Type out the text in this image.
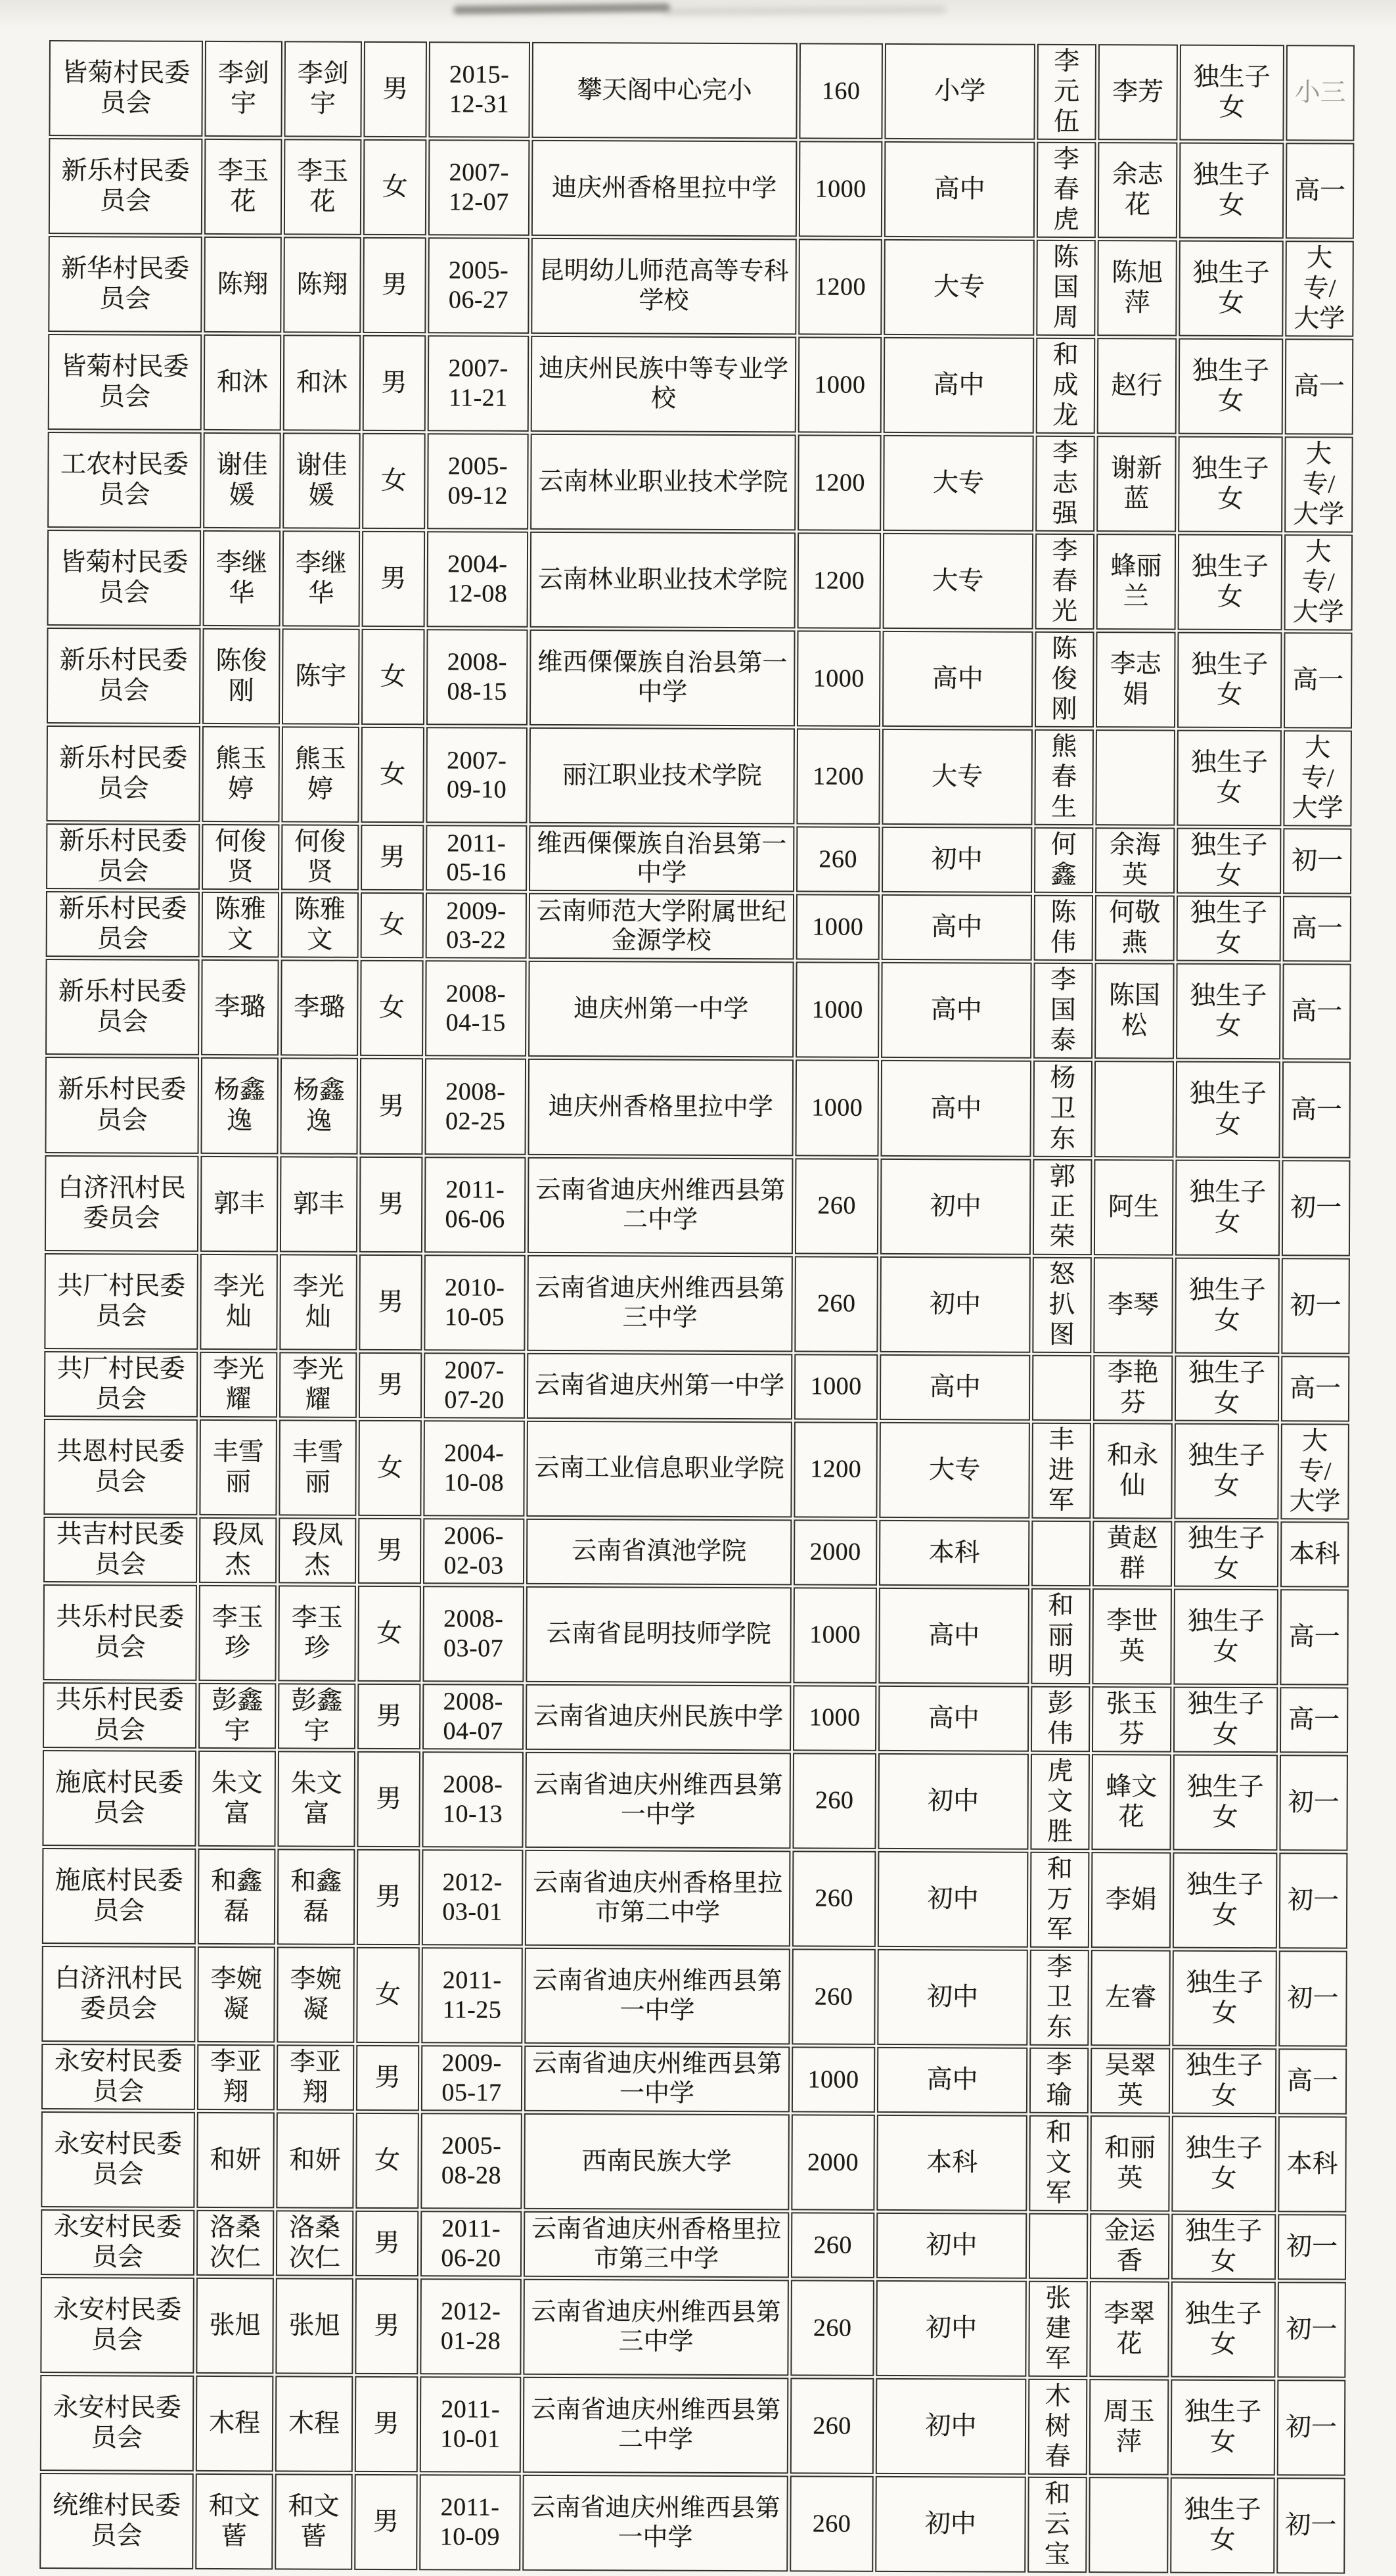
皆菊村民委员会	李剑宇	李剑宇	男	2015-12-31	攀天阁中心完小	160	小学	李元伍	李芳	独生子女	小三
新乐村民委员会	李玉花	李玉花	女	2007-12-07	迪庆州香格里拉中学	1000	高中	李春虎	余志花	独生子女	高一
新华村民委员会	陈翔	陈翔	男	2005-06-27	昆明幼儿师范高等专科学校	1200	大专	陈国周	陈旭萍	独生子女	大专/大学
皆菊村民委员会	和沐	和沐	男	2007-11-21	迪庆州民族中等专业学校	1000	高中	和成龙	赵行	独生子女	高一
工农村民委员会	谢佳媛	谢佳媛	女	2005-09-12	云南林业职业技术学院	1200	大专	李志强	谢新蓝	独生子女	大专/大学
皆菊村民委员会	李继华	李继华	男	2004-12-08	云南林业职业技术学院	1200	大专	李春光	蜂丽兰	独生子女	大专/大学
新乐村民委员会	陈俊刚	陈宇	女	2008-08-15	维西傈僳族自治县第一中学	1000	高中	陈俊刚	李志娟	独生子女	高一
新乐村民委员会	熊玉婷	熊玉婷	女	2007-09-10	丽江职业技术学院	1200	大专	熊春生		独生子女	大专/大学
新乐村民委员会	何俊贤	何俊贤	男	2011-05-16	维西傈僳族自治县第一中学	260	初中	何鑫	余海英	独生子女	初一
新乐村民委员会	陈雅文	陈雅文	女	2009-03-22	云南师范大学附属世纪金源学校	1000	高中	陈伟	何敬燕	独生子女	高一
新乐村民委员会	李璐	李璐	女	2008-04-15	迪庆州第一中学	1000	高中	李国泰	陈国松	独生子女	高一
新乐村民委员会	杨鑫逸	杨鑫逸	男	2008-02-25	迪庆州香格里拉中学	1000	高中	杨卫东		独生子女	高一
白济汛村民委员会	郭丰	郭丰	男	2011-06-06	云南省迪庆州维西县第二中学	260	初中	郭正荣	阿生	独生子女	初一
共厂村民委员会	李光灿	李光灿	男	2010-10-05	云南省迪庆州维西县第三中学	260	初中	怒扒图	李琴	独生子女	初一
共厂村民委员会	李光耀	李光耀	男	2007-07-20	云南省迪庆州第一中学	1000	高中		李艳芬	独生子女	高一
共恩村民委员会	丰雪丽	丰雪丽	女	2004-10-08	云南工业信息职业学院	1200	大专	丰进军	和永仙	独生子女	大专/大学
共吉村民委员会	段凤杰	段凤杰	男	2006-02-03	云南省滇池学院	2000	本科		黄赵群	独生子女	本科
共乐村民委员会	李玉珍	李玉珍	女	2008-03-07	云南省昆明技师学院	1000	高中	和丽明	李世英	独生子女	高一
共乐村民委员会	彭鑫宇	彭鑫宇	男	2008-04-07	云南省迪庆州民族中学	1000	高中	彭伟	张玉芬	独生子女	高一
施底村民委员会	朱文富	朱文富	男	2008-10-13	云南省迪庆州维西县第一中学	260	初中	虎文胜	蜂文花	独生子女	初一
施底村民委员会	和鑫磊	和鑫磊	男	2012-03-01	云南省迪庆州香格里拉市第二中学	260	初中	和万军	李娟	独生子女	初一
白济汛村民委员会	李婉凝	李婉凝	女	2011-11-25	云南省迪庆州维西县第一中学	260	初中	李卫东	左睿	独生子女	初一
永安村民委员会	李亚翔	李亚翔	男	2009-05-17	云南省迪庆州维西县第一中学	1000	高中	李瑜	吴翠英	独生子女	高一
永安村民委员会	和妍	和妍	女	2005-08-28	西南民族大学	2000	本科	和文军	和丽英	独生子女	本科
永安村民委员会	洛桑次仁	洛桑次仁	男	2011-06-20	云南省迪庆州香格里拉市第三中学	260	初中		金运香	独生子女	初一
永安村民委员会	张旭	张旭	男	2012-01-28	云南省迪庆州维西县第三中学	260	初中	张建军	李翠花	独生子女	初一
永安村民委员会	木程	木程	男	2011-10-01	云南省迪庆州维西县第二中学	260	初中	木树春	周玉萍	独生子女	初一
统维村民委员会	和文蒈	和文蒈	男	2011-10-09	云南省迪庆州维西县第一中学	260	初中	和云宝		独生子女	初一
